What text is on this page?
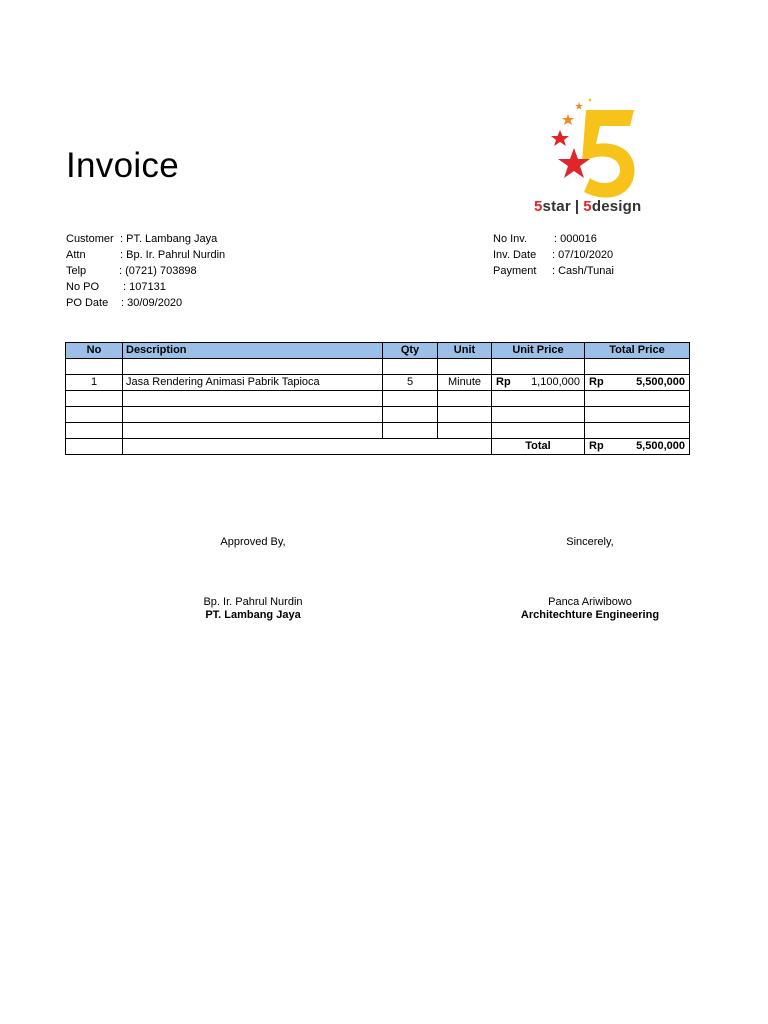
Invoice
5star | 5design
Customer : PT. Lambang Jaya
Attn	: Bp. Ir. Pahrul Nurdin
Telp	: (0721) 703898
No PO : 107131
PO Date : 30/09/2020
No Inv. : 000016
Inv. Date : 07/10/2020
Payment : Cash/Tunai
No	Description	Qty	Unit	Unit Price	Total Price

1	Jasa Rendering Animasi Pabrik Tapioca	5	Minute	Rp 1,100,000	Rp 5,500,000

				Total	Rp 5,500,000
Approved By,
Bp. Ir. Pahrul Nurdin
PT. Lambang Jaya
Sincerely,
Panca Ariwibowo
Architechture Engineering
